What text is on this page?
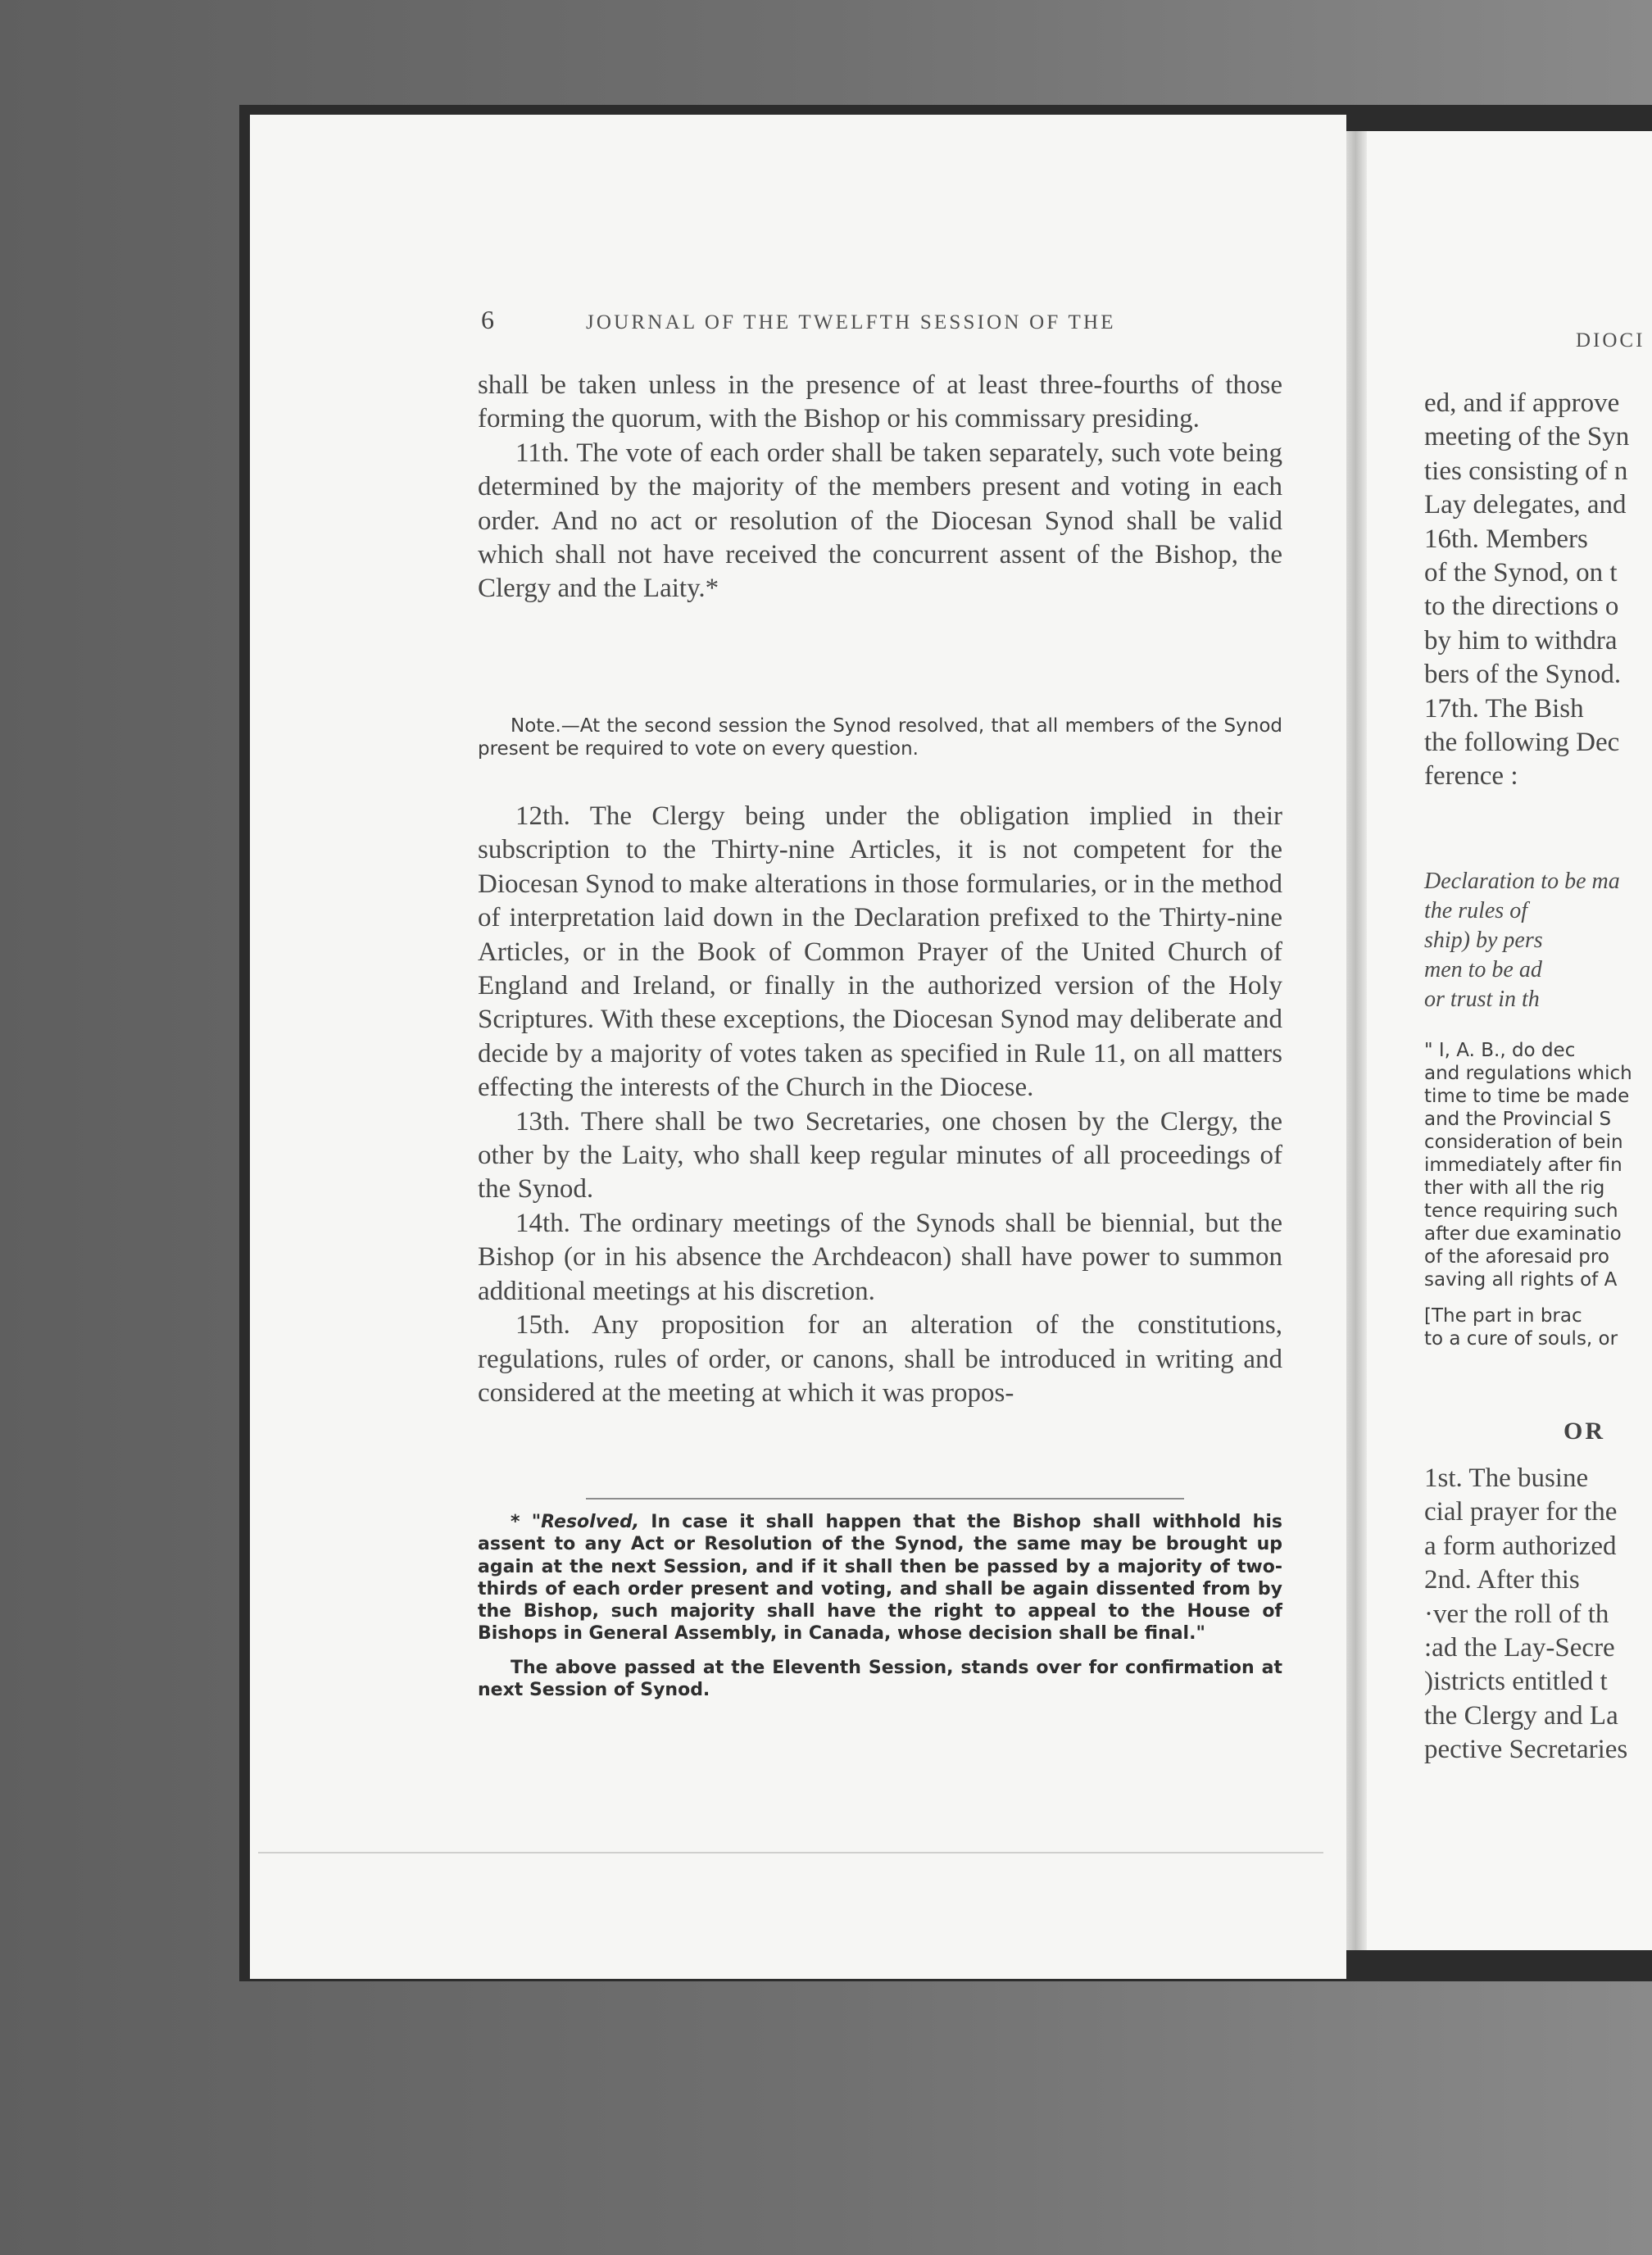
6	JOURNAL OF THE TWELFTH SESSION OF THE

shall be taken unless in the presence of at least three-fourths of those forming the quorum, with the Bishop or his commissary presiding.

11th. The vote of each order shall be taken separately, such vote being determined by the majority of the members present and voting in each order. And no act or resolution of the Diocesan Synod shall be valid which shall not have received the concurrent assent of the Bishop, the Clergy and the Laity.*

Note.—At the second session the Synod resolved, that all members of the Synod present be required to vote on every question.

12th. The Clergy being under the obligation implied in their subscription to the Thirty-nine Articles, it is not competent for the Diocesan Synod to make alterations in those formularies, or in the method of interpretation laid down in the Declaration prefixed to the Thirty-nine Articles, or in the Book of Common Prayer of the United Church of England and Ireland, or finally in the authorized version of the Holy Scriptures. With these exceptions, the Diocesan Synod may deliberate and decide by a majority of votes taken as specified in Rule 11, on all matters effecting the interests of the Church in the Diocese.

13th. There shall be two Secretaries, one chosen by the Clergy, the other by the Laity, who shall keep regular minutes of all proceedings of the Synod.

14th. The ordinary meetings of the Synods shall be biennial, but the Bishop (or in his absence the Archdeacon) shall have power to summon additional meetings at his discretion.

15th. Any proposition for an alteration of the constitutions, regulations, rules of order, or canons, shall be introduced in writing and considered at the meeting at which it was propos-

* "Resolved, In case it shall happen that the Bishop shall withhold his assent to any Act or Resolution of the Synod, the same may be brought up again at the next Session, and if it shall then be passed by a majority of two-thirds of each order present and voting, and shall be again dissented from by the Bishop, such majority shall have the right to appeal to the House of Bishops in General Assembly, in Canada, whose decision shall be final."

The above passed at the Eleventh Session, stands over for confirmation at next Session of Synod.

DIOCI
ed, and if approve
meeting of the Syn
ties consisting of n
Lay delegates, and
16th. Members
of the Synod, on t
to the directions o
by him to withdra
bers of the Synod.
17th. The Bish
the following Dec
ference :
Declaration to be ma
the rules of
ship) by pers
men to be ad
or trust in th
" I, A. B., do dec
and regulations which
time to time be made
and the Provincial S
consideration of bein
immediately after fin
ther with all the rig
tence requiring such
after due examinatio
of the aforesaid pro
saving all rights of A
[The part in brac
to a cure of souls, or
OR
1st. The busine
cial prayer for the
a form authorized
2nd. After this
·ver the roll of th
:ad the Lay-Secre
)istricts entitled t
the Clergy and La
pective Secretaries
